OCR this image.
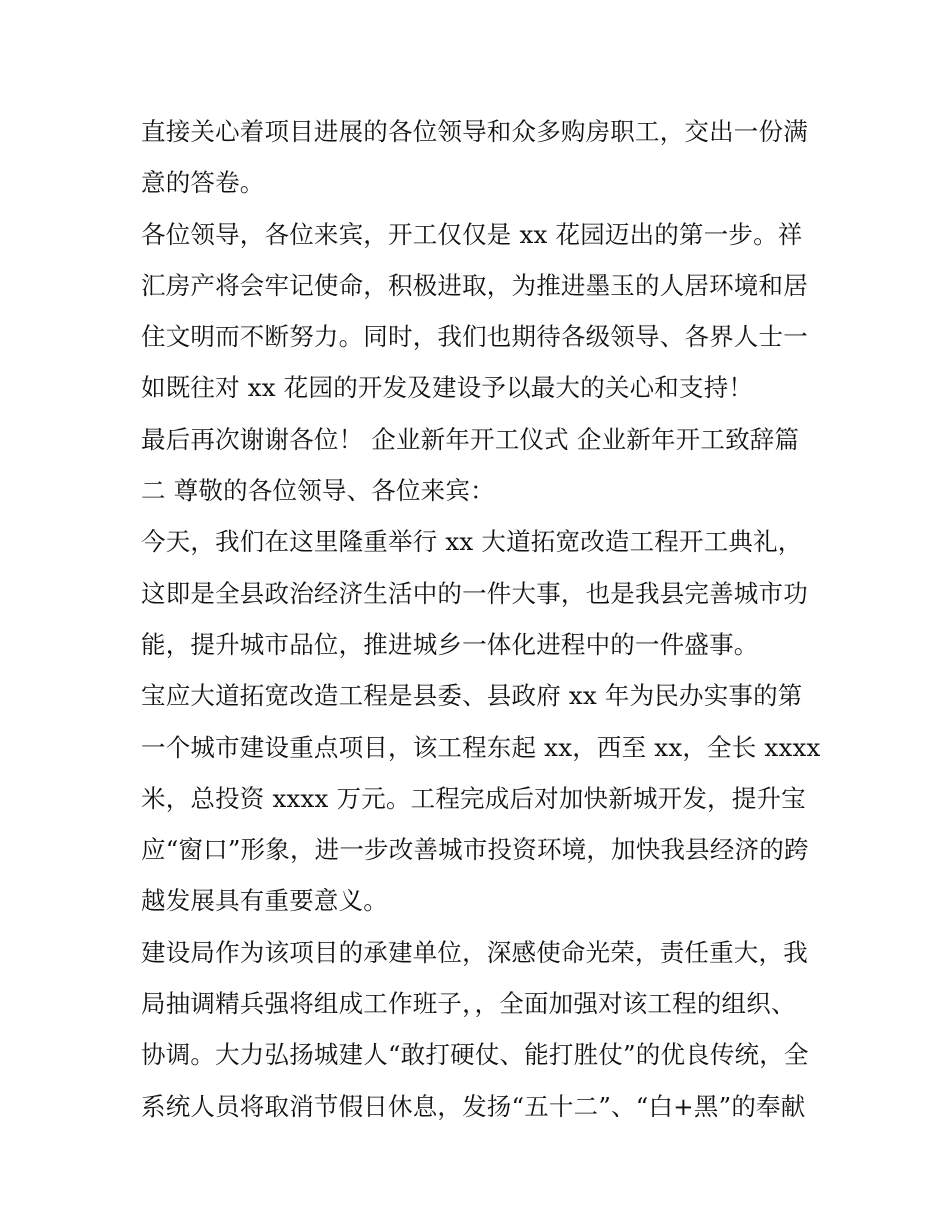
直接关心着项目进展的各位领导和众多购房职工，交出一份满

意的答卷。

各位领导，各位来宾，开工仅仅是 xx 花园迈出的第一步。祥

汇房产将会牢记使命，积极进取，为推进墨玉的人居环境和居

住文明而不断努力。同时，我们也期待各级领导、各界人士一

如既往对 xx 花园的开发及建设予以最大的关心和支持！

最后再次谢谢各位！ 企业新年开工仪式 企业新年开工致辞篇

二 尊敬的各位领导、各位来宾：

今天，我们在这里隆重举行 xx 大道拓宽改造工程开工典礼，

这即是全县政治经济生活中的一件大事，也是我县完善城市功

能，提升城市品位，推进城乡一体化进程中的一件盛事。

宝应大道拓宽改造工程是县委、县政府 xx 年为民办实事的第

一个城市建设重点项目，该工程东起 xx，西至 xx，全长 xxxx

米，总投资 xxxx 万元。工程完成后对加快新城开发，提升宝

应“窗口”形象，进一步改善城市投资环境，加快我县经济的跨

越发展具有重要意义。

建设局作为该项目的承建单位，深感使命光荣，责任重大，我

局抽调精兵强将组成工作班子，，全面加强对该工程的组织、

协调。大力弘扬城建人“敢打硬仗、能打胜仗”的优良传统，全

系统人员将取消节假日休息，发扬“五十二”、“白+黑”的奉献
